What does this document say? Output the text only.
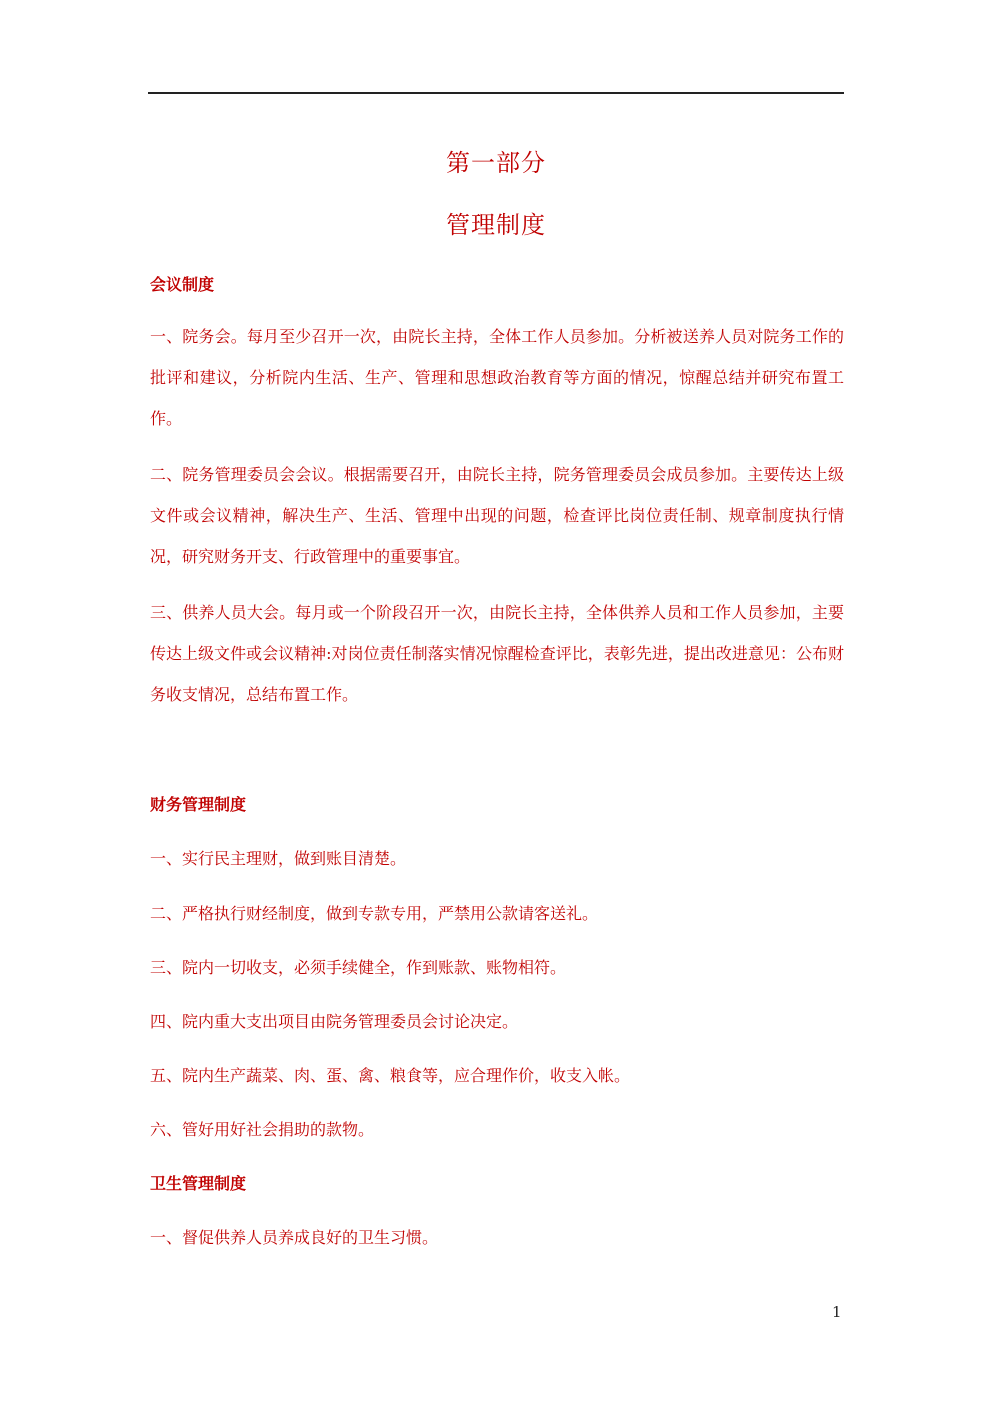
第一部分
管理制度
会议制度
一、院务会。每月至少召开一次，由院长主持，全体工作人员参加。分析被送养人员对院务工作的批评和建议，分析院内生活、生产、管理和思想政治教育等方面的情况，惊醒总结并研究布置工作。
二、院务管理委员会会议。根据需要召开，由院长主持，院务管理委员会成员参加。主要传达上级文件或会议精神，解决生产、生活、管理中出现的问题，检查评比岗位责任制、规章制度执行情况，研究财务开支、行政管理中的重要事宜。
三、供养人员大会。每月或一个阶段召开一次，由院长主持，全体供养人员和工作人员参加，主要传达上级文件或会议精神:对岗位责任制落实情况惊醒检查评比，表彰先进，提出改进意见：公布财务收支情况，总结布置工作。
财务管理制度
一、实行民主理财，做到账目清楚。
二、严格执行财经制度，做到专款专用，严禁用公款请客送礼。
三、院内一切收支，必须手续健全，作到账款、账物相符。
四、院内重大支出项目由院务管理委员会讨论决定。
五、院内生产蔬菜、肉、蛋、禽、粮食等，应合理作价，收支入帐。
六、管好用好社会捐助的款物。
卫生管理制度
一、督促供养人员养成良好的卫生习惯。
1
